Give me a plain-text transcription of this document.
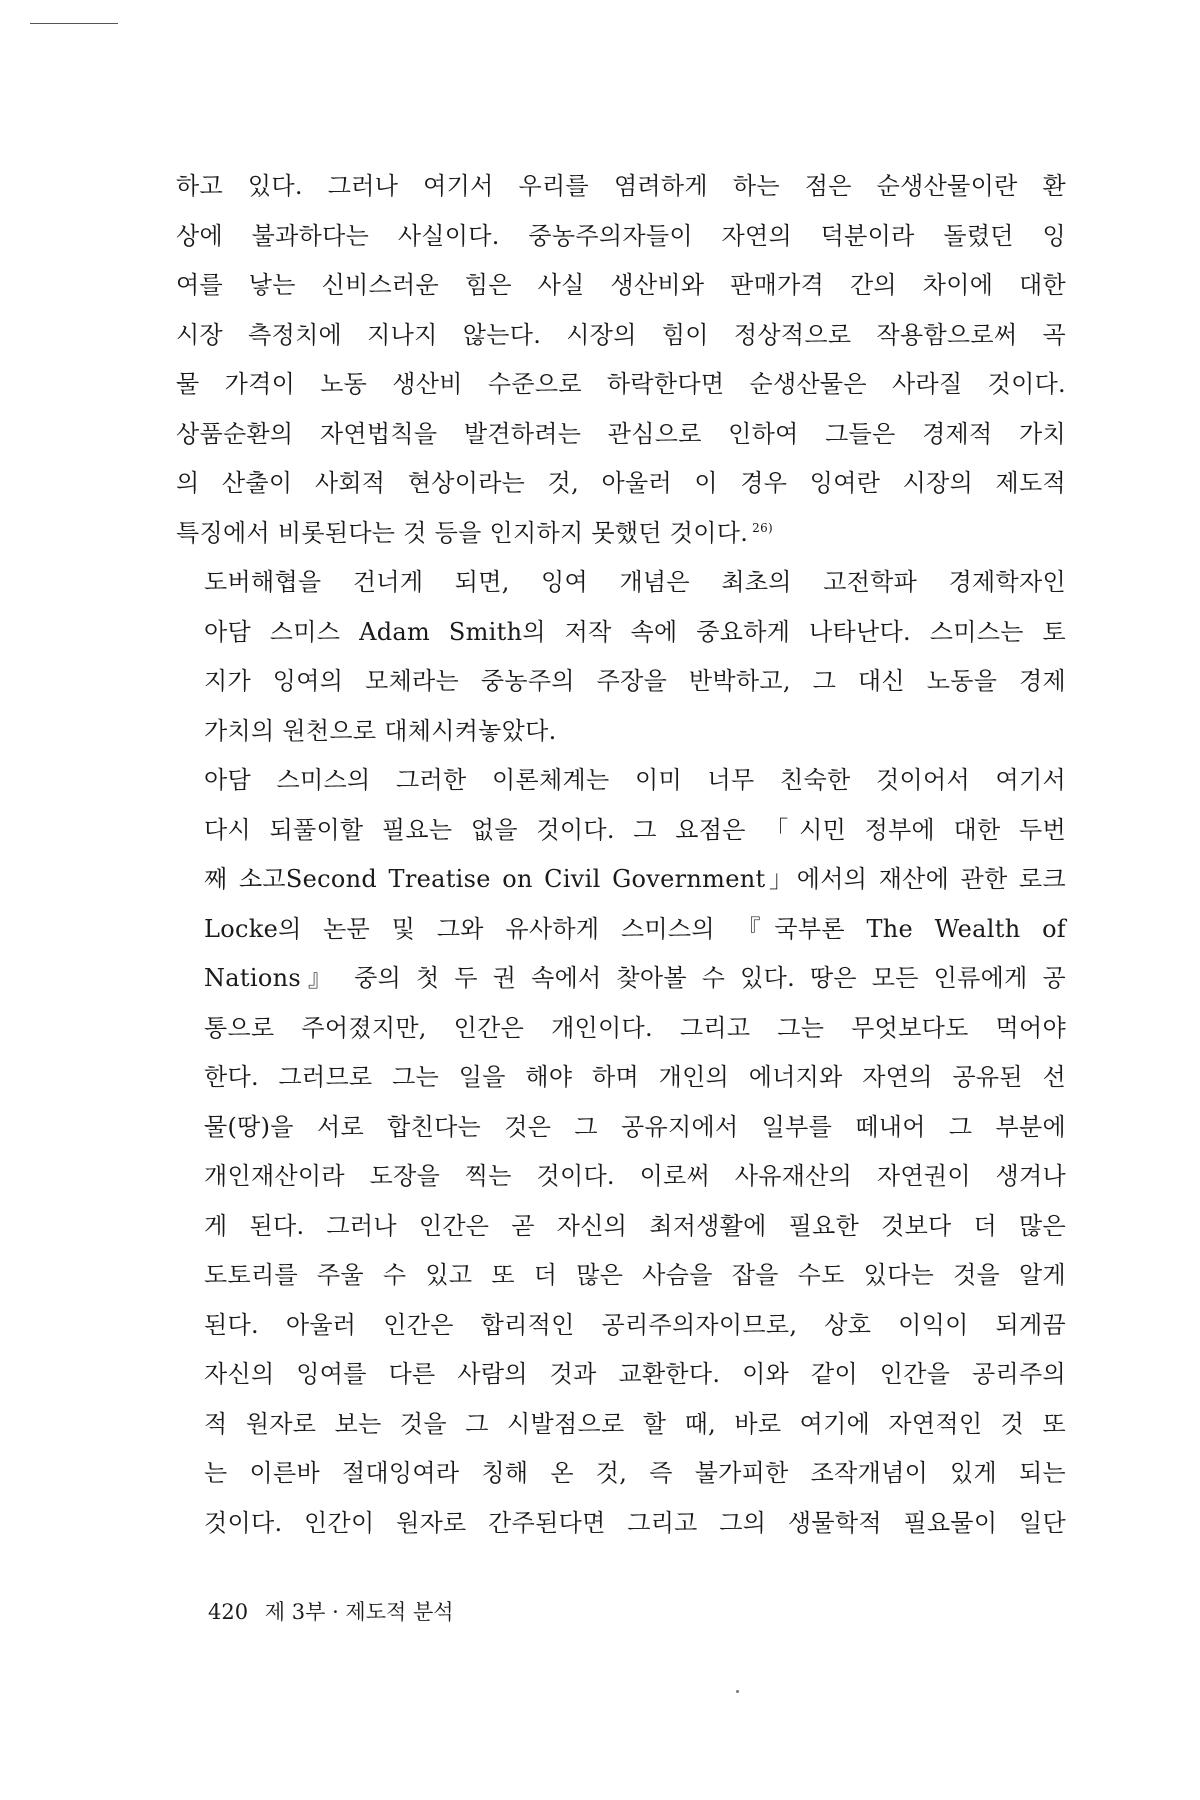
하고 있다. 그러나 여기서 우리를 염려하게 하는 점은 순생산물이란 환
상에 불과하다는 사실이다. 중농주의자들이 자연의 덕분이라 돌렸던 잉
여를 낳는 신비스러운 힘은 사실 생산비와 판매가격 간의 차이에 대한
시장 측정치에 지나지 않는다. 시장의 힘이 정상적으로 작용함으로써 곡
물 가격이 노동 생산비 수준으로 하락한다면 순생산물은 사라질 것이다.
상품순환의 자연법칙을 발견하려는 관심으로 인하여 그들은 경제적 가치
의 산출이 사회적 현상이라는 것, 아울러 이 경우 잉여란 시장의 제도적
특징에서 비롯된다는 것 등을 인지하지 못했던 것이다. $^{26)}$

도버해협을 건너게 되면, 잉여 개념은 최초의 고전학파 경제학자인
아담 스미스 Adam Smith의 저작 속에 중요하게 나타난다. 스미스는 토
지가 잉여의 모체라는 중농주의 주장을 반박하고, 그 대신 노동을 경제
가치의 원천으로 대체시켜놓았다.

아담 스미스의 그러한 이론체계는 이미 너무 친숙한 것이어서 여기서
다시 되풀이할 필요는 없을 것이다. 그 요점은 「시민 정부에 대한 두번
째 소고Second Treatise on Civil Government」에서의 재산에 관한 로크
Locke의 논문 및 그와 유사하게 스미스의 『국부론 The Wealth of
Nations』 중의 첫 두 권 속에서 찾아볼 수 있다. 땅은 모든 인류에게 공
통으로 주어졌지만, 인간은 개인이다. 그리고 그는 무엇보다도 먹어야
한다. 그러므로 그는 일을 해야 하며 개인의 에너지와 자연의 공유된 선
물(땅)을 서로 합친다는 것은 그 공유지에서 일부를 떼내어 그 부분에
개인재산이라 도장을 찍는 것이다. 이로써 사유재산의 자연권이 생겨나
게 된다. 그러나 인간은 곧 자신의 최저생활에 필요한 것보다 더 많은
도토리를 주울 수 있고 또 더 많은 사슴을 잡을 수도 있다는 것을 알게
된다. 아울러 인간은 합리적인 공리주의자이므로, 상호 이익이 되게끔
자신의 잉여를 다른 사람의 것과 교환한다. 이와 같이 인간을 공리주의
적 원자로 보는 것을 그 시발점으로 할 때, 바로 여기에 자연적인 것 또
는 이른바 절대잉여라 칭해 온 것, 즉 불가피한 조작개념이 있게 되는
것이다. 인간이 원자로 간주된다면 그리고 그의 생물학적 필요물이 일단

420 제 3부 · 제도적 분석
